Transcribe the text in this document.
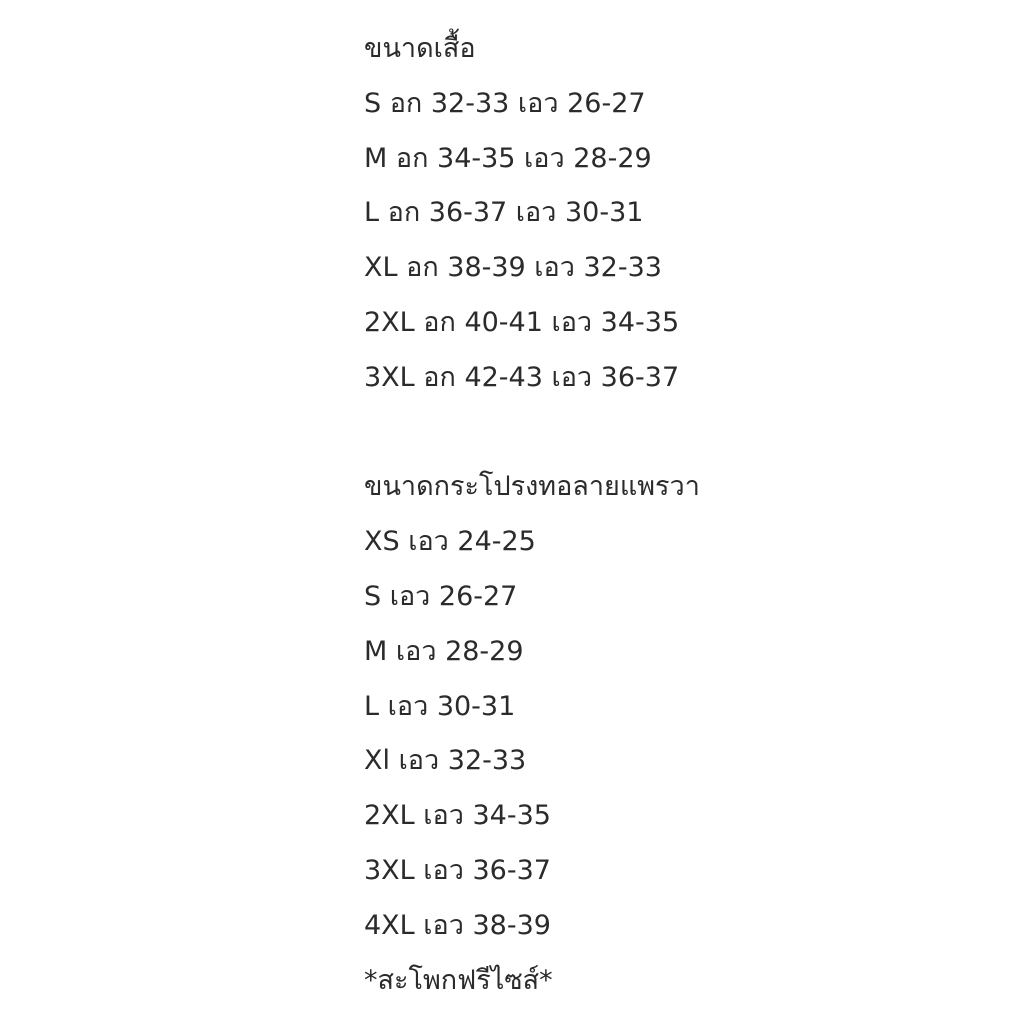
ขนาดเสื้อ
S อก 32-33 เอว 26-27
M อก 34-35 เอว 28-29
L อก 36-37 เอว 30-31
XL อก 38-39 เอว 32-33
2XL อก 40-41 เอว 34-35
3XL อก 42-43 เอว 36-37
ขนาดกระโปรงทอลายแพรวา
XS เอว 24-25
S เอว 26-27
M เอว 28-29
L เอว 30-31
Xl เอว 32-33
2XL เอว 34-35
3XL เอว 36-37
4XL เอว 38-39
*สะโพกฟรีไซส์*
